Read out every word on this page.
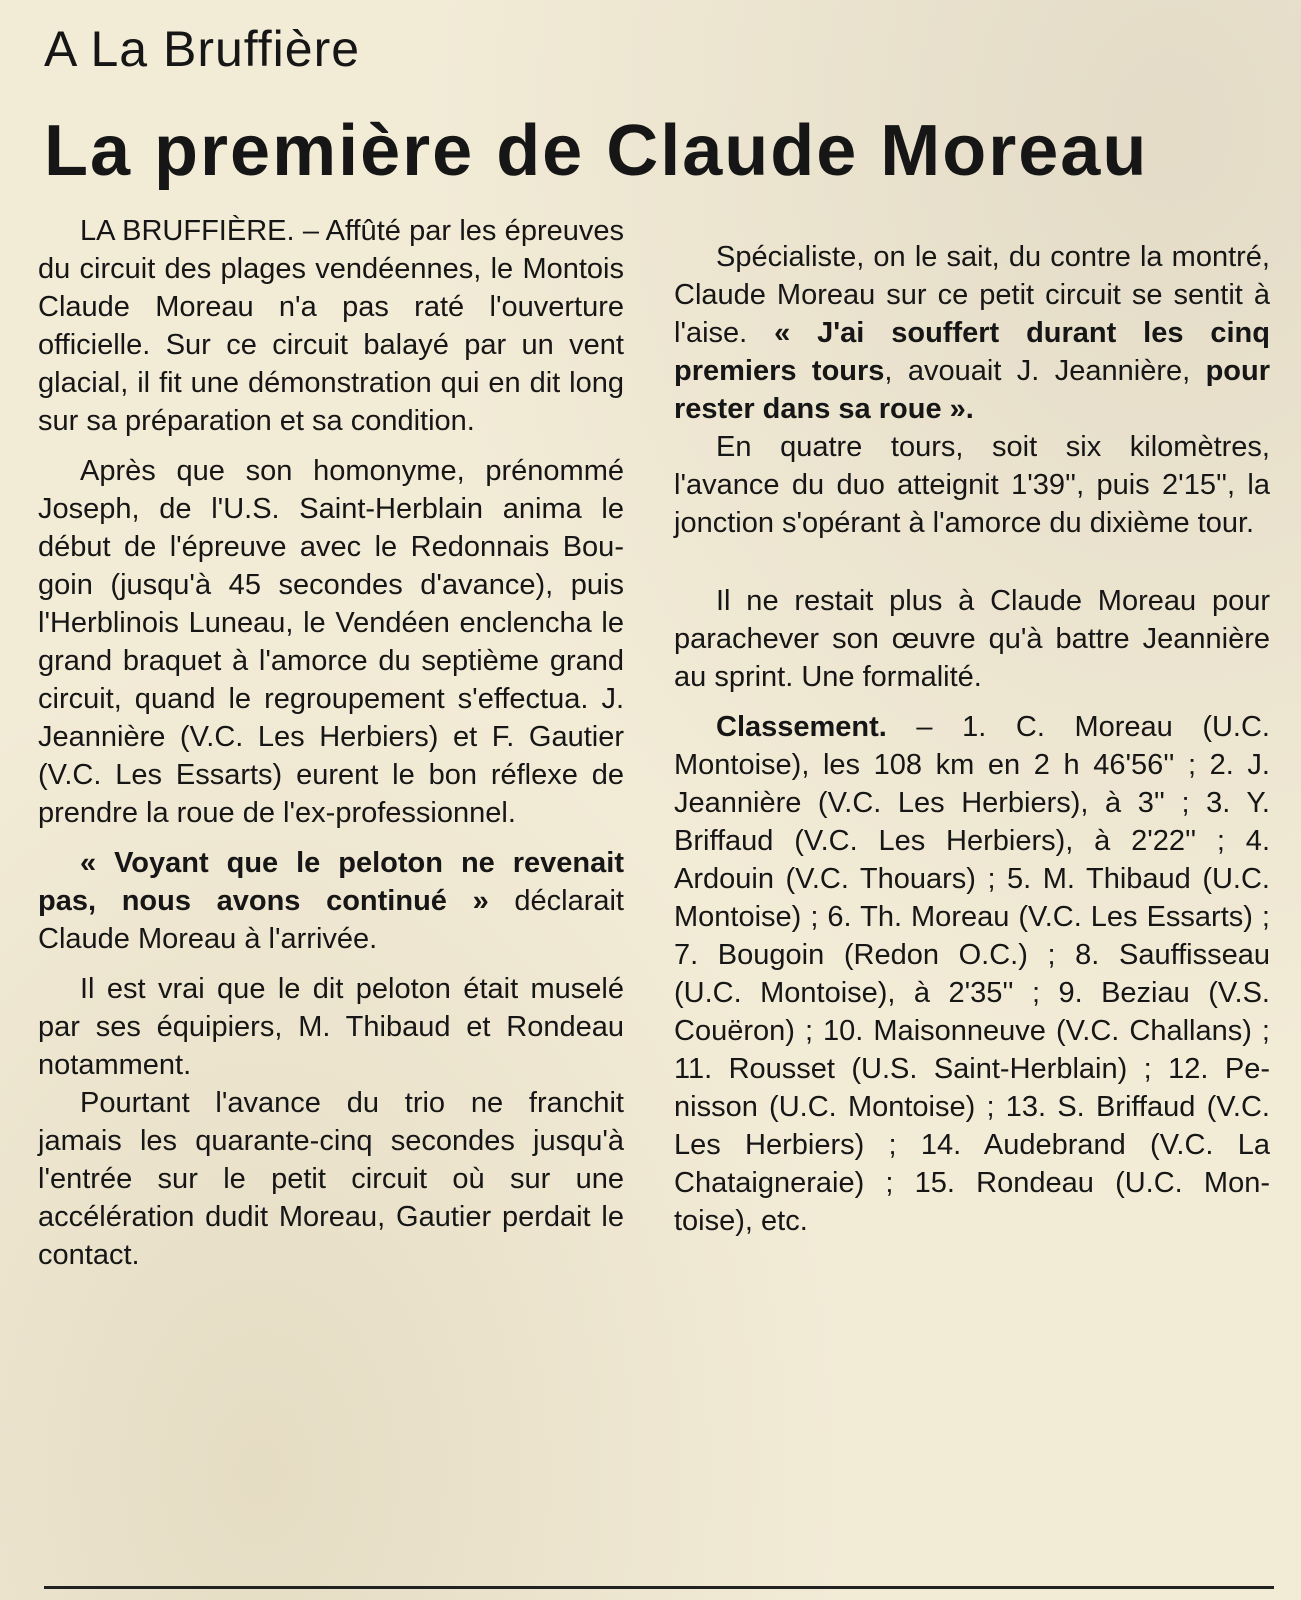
A La Bruffière
La première de Claude Moreau

LA BRUFFIÈRE. – Affûté par les épreuves du circuit des plages vendéennes, le Montois Claude Moreau n'a pas raté l'ouverture officielle. Sur ce circuit balayé par un vent glacial, il fit une démonstration qui en dit long sur sa préparation et sa condition.

Après que son homonyme, prénommé Joseph, de l'U.S. Saint-Herblain anima le début de l'épreuve avec le Redonnais Bougoin (jusqu'à 45 secondes d'avance), puis l'Herblinois Luneau, le Vendéen enclencha le grand braquet à l'amorce du septième grand circuit, quand le regroupement s'effectua. J. Jeannière (V.C. Les Herbiers) et F. Gautier (V.C. Les Essarts) eurent le bon réflexe de prendre la roue de l'ex-professionnel.

« Voyant que le peloton ne revenait pas, nous avons continué » déclarait Claude Moreau à l'arrivée.

Il est vrai que le dit peloton était muselé par ses équipiers, M. Thibaud et Rondeau notamment.

Pourtant l'avance du trio ne franchit jamais les quarante-cinq secondes jusqu'à l'entrée sur le petit circuit où sur une accélération dudit Moreau, Gautier perdait le contact.

Spécialiste, on le sait, du contre la montré, Claude Moreau sur ce petit circuit se sentit à l'aise. « J'ai souffert durant les cinq premiers tours, avouait J. Jeannière, pour rester dans sa roue ».

En quatre tours, soit six kilomètres, l'avance du duo atteignit 1'39'', puis 2'15'', la jonction s'opérant à l'amorce du dixième tour.

Il ne restait plus à Claude Moreau pour parachever son œuvre qu'à battre Jeannière au sprint. Une formalité.

Classement. – 1. C. Moreau (U.C. Montoise), les 108 km en 2 h 46'56'' ; 2. J. Jeannière (V.C. Les Herbiers), à 3'' ; 3. Y. Briffaud (V.C. Les Herbiers), à 2'22'' ; 4. Ardouin (V.C. Thouars) ; 5. M. Thibaud (U.C. Montoise) ; 6. Th. Moreau (V.C. Les Essarts) ; 7. Bougoin (Redon O.C.) ; 8. Sauffisseau (U.C. Montoise), à 2'35'' ; 9. Beziau (V.S. Couëron) ; 10. Maisonneuve (V.C. Challans) ; 11. Rousset (U.S. Saint-Herblain) ; 12. Penisson (U.C. Montoise) ; 13. S. Briffaud (V.C. Les Herbiers) ; 14. Audebrand (V.C. La Chataigneraie) ; 15. Rondeau (U.C. Montoise), etc.
